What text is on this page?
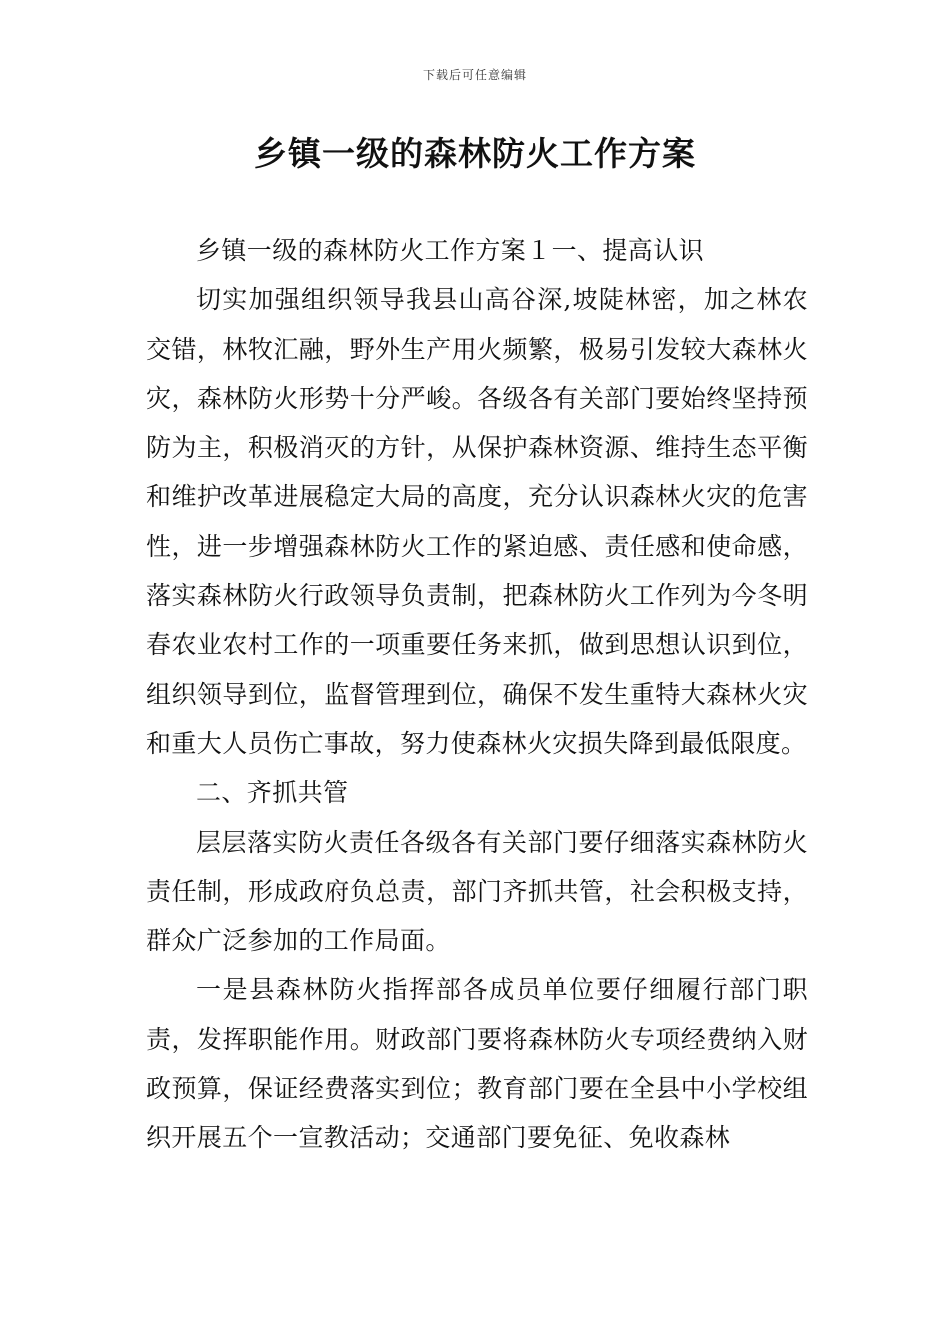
下载后可任意编辑
乡镇一级的森林防火工作方案

乡镇一级的森林防火工作方案１一、提高认识

切实加强组织领导我县山高谷深,坡陡林密，加之林农交错，林牧汇融，野外生产用火频繁，极易引发较大森林火灾，森林防火形势十分严峻。各级各有关部门要始终坚持预防为主，积极消灭的方针，从保护森林资源、维持生态平衡和维护改革进展稳定大局的高度，充分认识森林火灾的危害性，进一步增强森林防火工作的紧迫感、责任感和使命感，落实森林防火行政领导负责制，把森林防火工作列为今冬明春农业农村工作的一项重要任务来抓，做到思想认识到位，组织领导到位，监督管理到位，确保不发生重特大森林火灾和重大人员伤亡事故，努力使森林火灾损失降到最低限度。

二、齐抓共管

层层落实防火责任各级各有关部门要仔细落实森林防火责任制，形成政府负总责，部门齐抓共管，社会积极支持，群众广泛参加的工作局面。

一是县森林防火指挥部各成员单位要仔细履行部门职责，发挥职能作用。财政部门要将森林防火专项经费纳入财政预算，保证经费落实到位；教育部门要在全县中小学校组织开展五个一宣教活动；交通部门要免征、免收森林
